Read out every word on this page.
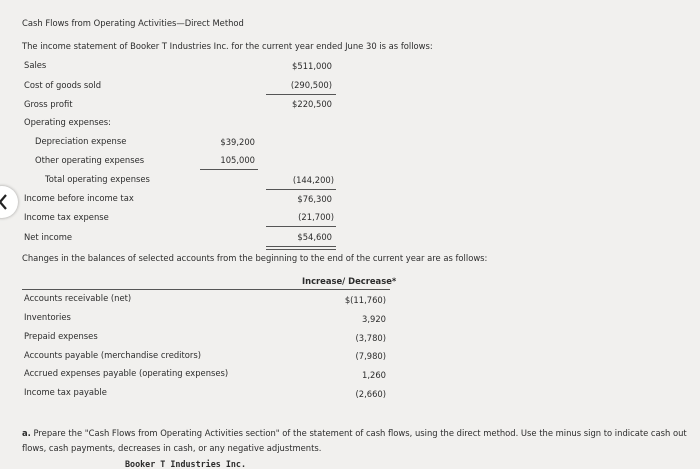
Cash Flows from Operating Activities—Direct Method
The income statement of Booker T Industries Inc. for the current year ended June 30 is as follows:
Sales	$511,000
Cost of goods sold	(290,500)
Gross profit	$220,500
Operating expenses:
Depreciation expense	$39,200
Other operating expenses	105,000
Total operating expenses	(144,200)
Income before income tax	$76,300
Income tax expense	(21,700)
Net income	$54,600
Changes in the balances of selected accounts from the beginning to the end of the current year are as follows:
Increase/ Decrease*
Accounts receivable (net)	$(11,760)
Inventories	3,920
Prepaid expenses	(3,780)
Accounts payable (merchandise creditors)	(7,980)
Accrued expenses payable (operating expenses)	1,260
Income tax payable	(2,660)
a. Prepare the "Cash Flows from Operating Activities section" of the statement of cash flows, using the direct method. Use the minus sign to indicate cash out flows, cash payments, decreases in cash, or any negative adjustments.
Booker T Industries Inc.
